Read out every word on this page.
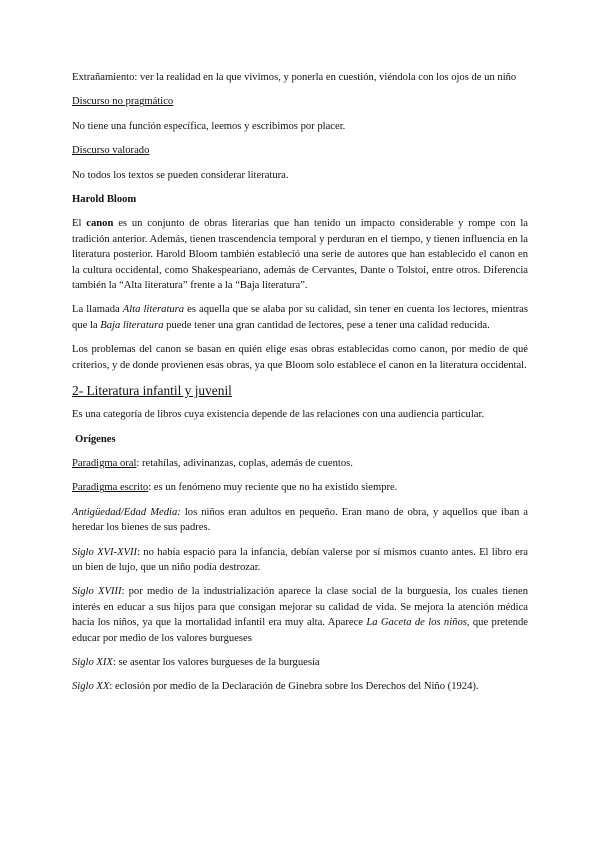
Extrañamiento: ver la realidad en la que vivimos, y ponerla en cuestión, viéndola con los ojos de un niño

Discurso no pragmático

No tiene una función específica, leemos y escribimos por placer.

Discurso valorado

No todos los textos se pueden considerar literatura.

Harold Bloom

El canon es un conjunto de obras literarias que han tenido un impacto considerable y rompe con la tradición anterior. Además, tienen trascendencia temporal y perduran en el tiempo, y tienen influencia en la literatura posterior. Harold Bloom también estableció una serie de autores que han establecido el canon en la cultura occidental, como Shakespeariano, además de Cervantes, Dante o Tolstoi, entre otros. Diferencia también la “Alta literatura” frente a la “Baja literatura”.

La llamada Alta literatura es aquella que se alaba por su calidad, sin tener en cuenta los lectores, mientras que la Baja literatura puede tener una gran cantidad de lectores, pese a tener una calidad reducida.

Los problemas del canon se basan en quién elige esas obras establecidas como canon, por medio de qué criterios, y de donde provienen esas obras, ya que Bloom solo establece el canon en la literatura occidental.

2- Literatura infantil y juvenil

Es una categoría de libros cuya existencia depende de las relaciones con una audiencia particular.

Orígenes

Paradigma oral: retahílas, adivinanzas, coplas, además de cuentos.

Paradigma escrito: es un fenómeno muy reciente que no ha existido siempre.

Antigüedad/Edad Media: los niños eran adultos en pequeño. Eran mano de obra, y aquellos que iban a heredar los bienes de sus padres.

Siglo XVI-XVII: no había espacio para la infancia, debían valerse por sí mismos cuanto antes. El libro era un bien de lujo, que un niño podía destrozar.

Siglo XVIII: por medio de la industrialización aparece la clase social de la burguesía, los cuales tienen interés en educar a sus hijos para que consigan mejorar su calidad de vida. Se mejora la atención médica hacia los niños, ya que la mortalidad infantil era muy alta. Aparece La Gaceta de los niños, que pretende educar por medio de los valores burgueses

Siglo XIX: se asentar los valores burgueses de la burguesía

Siglo XX: eclosión por medio de la Declaración de Ginebra sobre los Derechos del Niño (1924).
